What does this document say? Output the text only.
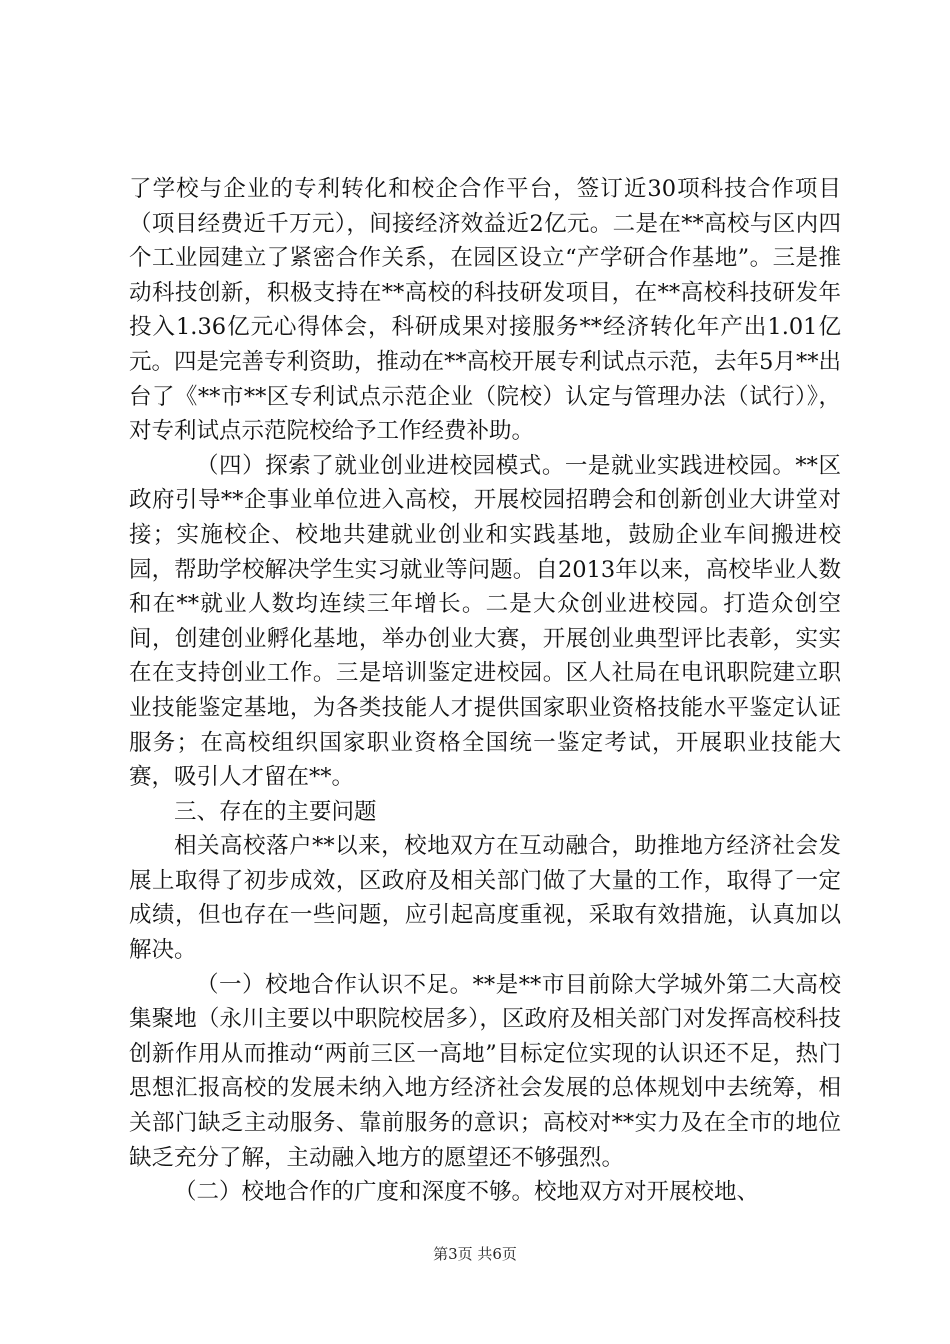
了学校与企业的专利转化和校企合作平台，签订近30项科技合作项目（项目经费近千万元），间接经济效益近2亿元。二是在**高校与区内四个工业园建立了紧密合作关系，在园区设立“产学研合作基地”。三是推动科技创新，积极支持在**高校的科技研发项目，在**高校科技研发年投入1.36亿元心得体会，科研成果对接服务**经济转化年产出1.01亿元。四是完善专利资助，推动在**高校开展专利试点示范，去年5月**出台了《**市**区专利试点示范企业（院校）认定与管理办法（试行）》，对专利试点示范院校给予工作经费补助。

（四）探索了就业创业进校园模式。一是就业实践进校园。**区政府引导**企事业单位进入高校，开展校园招聘会和创新创业大讲堂对接；实施校企、校地共建就业创业和实践基地，鼓励企业车间搬进校园，帮助学校解决学生实习就业等问题。自2013年以来，高校毕业人数和在**就业人数均连续三年增长。二是大众创业进校园。打造众创空间，创建创业孵化基地，举办创业大赛，开展创业典型评比表彰，实实在在支持创业工作。三是培训鉴定进校园。区人社局在电讯职院建立职业技能鉴定基地，为各类技能人才提供国家职业资格技能水平鉴定认证服务；在高校组织国家职业资格全国统一鉴定考试，开展职业技能大赛，吸引人才留在**。

三、存在的主要问题

相关高校落户**以来，校地双方在互动融合，助推地方经济社会发展上取得了初步成效，区政府及相关部门做了大量的工作，取得了一定成绩，但也存在一些问题，应引起高度重视，采取有效措施，认真加以解决。

（一）校地合作认识不足。**是**市目前除大学城外第二大高校集聚地（永川主要以中职院校居多），区政府及相关部门对发挥高校科技创新作用从而推动“两前三区一高地”目标定位实现的认识还不足，热门思想汇报高校的发展未纳入地方经济社会发展的总体规划中去统筹，相关部门缺乏主动服务、靠前服务的意识；高校对**实力及在全市的地位缺乏充分了解，主动融入地方的愿望还不够强烈。

（二）校地合作的广度和深度不够。校地双方对开展校地、

第3页 共6页
